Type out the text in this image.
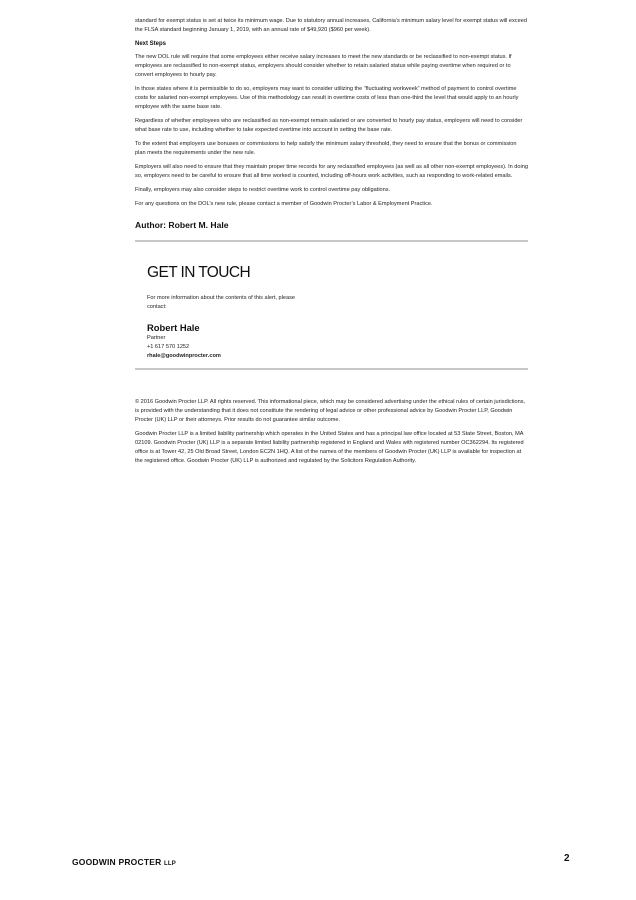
standard for exempt status is set at twice its minimum wage. Due to statutory annual increases, California’s minimum salary level for exempt status will exceed the FLSA standard beginning January 1, 2019, with an annual rate of $49,920 ($960 per week).

Next Steps

The new DOL rule will require that some employees either receive salary increases to meet the new standards or be reclassified to non-exempt status. If employees are reclassified to non-exempt status, employers should consider whether to retain salaried status while paying overtime when required or to convert employees to hourly pay.

In those states where it is permissible to do so, employers may want to consider utilizing the “fluctuating workweek” method of payment to control overtime costs for salaried non-exempt employees. Use of this methodology can result in overtime costs of less than one-third the level that would apply to an hourly employee with the same base rate.

Regardless of whether employees who are reclassified as non-exempt remain salaried or are converted to hourly pay status, employers will need to consider what base rate to use, including whether to take expected overtime into account in setting the base rate.

To the extent that employers use bonuses or commissions to help satisfy the minimum salary threshold, they need to ensure that the bonus or commission plan meets the requirements under the new rule.

Employers will also need to ensure that they maintain proper time records for any reclassified employees (as well as all other non-exempt employees). In doing so, employers need to be careful to ensure that all time worked is counted, including off-hours work activities, such as responding to work-related emails.

Finally, employers may also consider steps to restrict overtime work to control overtime pay obligations.

For any questions on the DOL’s new rule, please contact a member of Goodwin Procter’s Labor & Employment Practice.

Author: Robert M. Hale
GET IN TOUCH

For more information about the contents of this alert, please contact:

Robert Hale

Partner

+1 617 570 1252

rhale@goodwinprocter.com

© 2016 Goodwin Procter LLP. All rights reserved. This informational piece, which may be considered advertising under the ethical rules of certain jurisdictions, is provided with the understanding that it does not constitute the rendering of legal advice or other professional advice by Goodwin Procter LLP, Goodwin Procter (UK) LLP or their attorneys. Prior results do not guarantee similar outcome.

Goodwin Procter LLP is a limited liability partnership which operates in the United States and has a principal law office located at 53 State Street, Boston, MA 02109. Goodwin Procter (UK) LLP is a separate limited liability partnership registered in England and Wales with registered number OC362294. Its registered office is at Tower 42, 25 Old Broad Street, London EC2N 1HQ. A list of the names of the members of Goodwin Procter (UK) LLP is available for inspection at the registered office. Goodwin Procter (UK) LLP is authorized and regulated by the Solicitors Regulation Authority.

GOODWIN PROCTER LLP	2
